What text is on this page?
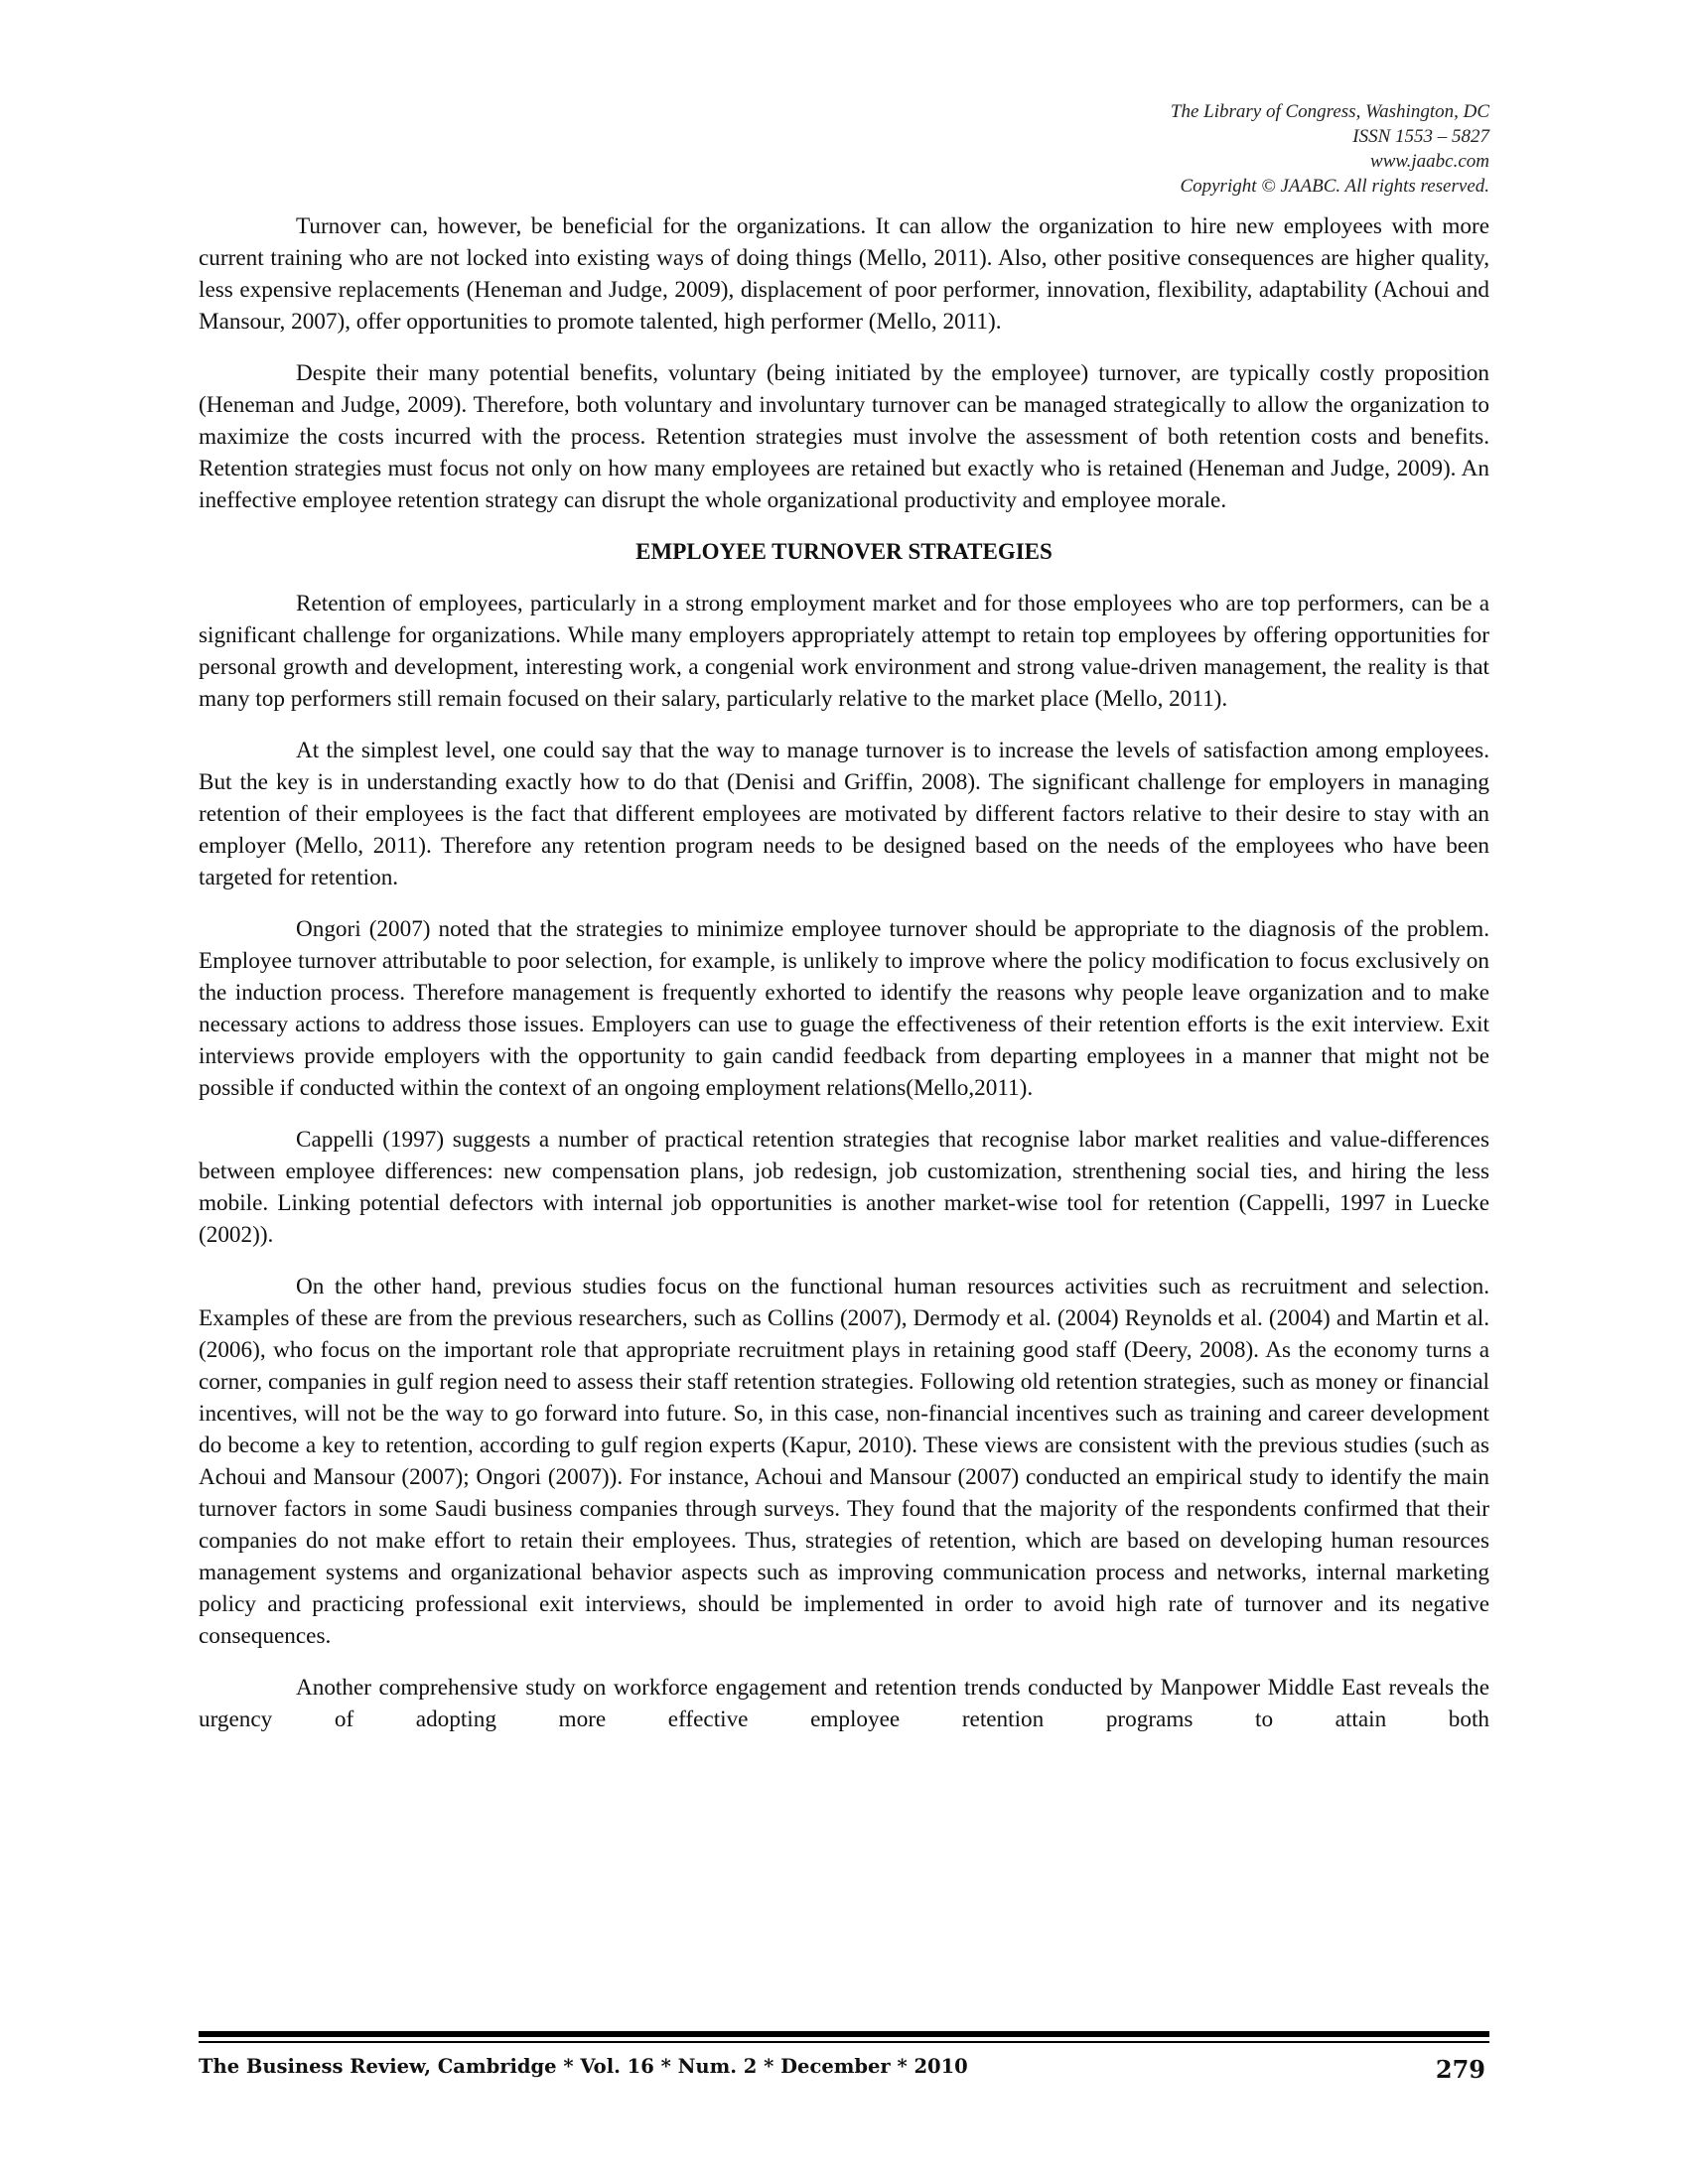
The Library of Congress, Washington, DC
ISSN 1553 – 5827
www.jaabc.com
Copyright © JAABC. All rights reserved.

Turnover can, however, be beneficial for the organizations. It can allow the organization to hire new employees with more current training who are not locked into existing ways of doing things (Mello, 2011). Also, other positive consequences are higher quality, less expensive replacements (Heneman and Judge, 2009), displacement of poor performer, innovation, flexibility, adaptability (Achoui and Mansour, 2007), offer opportunities to promote talented, high performer (Mello, 2011).

Despite their many potential benefits, voluntary (being initiated by the employee) turnover, are typically costly proposition (Heneman and Judge, 2009). Therefore, both voluntary and involuntary turnover can be managed strategically to allow the organization to maximize the costs incurred with the process. Retention strategies must involve the assessment of both retention costs and benefits. Retention strategies must focus not only on how many employees are retained but exactly who is retained (Heneman and Judge, 2009). An ineffective employee retention strategy can disrupt the whole organizational productivity and employee morale.

EMPLOYEE TURNOVER STRATEGIES

Retention of employees, particularly in a strong employment market and for those employees who are top performers, can be a significant challenge for organizations. While many employers appropriately attempt to retain top employees by offering opportunities for personal growth and development, interesting work, a congenial work environment and strong value-driven management, the reality is that many top performers still remain focused on their salary, particularly relative to the market place (Mello, 2011).

At the simplest level, one could say that the way to manage turnover is to increase the levels of satisfaction among employees. But the key is in understanding exactly how to do that (Denisi and Griffin, 2008). The significant challenge for employers in managing retention of their employees is the fact that different employees are motivated by different factors relative to their desire to stay with an employer (Mello, 2011). Therefore any retention program needs to be designed based on the needs of the employees who have been targeted for retention.

Ongori (2007) noted that the strategies to minimize employee turnover should be appropriate to the diagnosis of the problem. Employee turnover attributable to poor selection, for example, is unlikely to improve where the policy modification to focus exclusively on the induction process. Therefore management is frequently exhorted to identify the reasons why people leave organization and to make necessary actions to address those issues. Employers can use to guage the effectiveness of their retention efforts is the exit interview. Exit interviews provide employers with the opportunity to gain candid feedback from departing employees in a manner that might not be possible if conducted within the context of an ongoing employment relations(Mello,2011).

Cappelli (1997) suggests a number of practical retention strategies that recognise labor market realities and value-differences between employee differences: new compensation plans, job redesign, job customization, strenthening social ties, and hiring the less mobile. Linking potential defectors with internal job opportunities is another market-wise tool for retention (Cappelli, 1997 in Luecke (2002)).

On the other hand, previous studies focus on the functional human resources activities such as recruitment and selection. Examples of these are from the previous researchers, such as Collins (2007), Dermody et al. (2004) Reynolds et al. (2004) and Martin et al. (2006), who focus on the important role that appropriate recruitment plays in retaining good staff (Deery, 2008). As the economy turns a corner, companies in gulf region need to assess their staff retention strategies. Following old retention strategies, such as money or financial incentives, will not be the way to go forward into future. So, in this case, non-financial incentives such as training and career development do become a key to retention, according to gulf region experts (Kapur, 2010). These views are consistent with the previous studies (such as Achoui and Mansour (2007); Ongori (2007)). For instance, Achoui and Mansour (2007) conducted an empirical study to identify the main turnover factors in some Saudi business companies through surveys. They found that the majority of the respondents confirmed that their companies do not make effort to retain their employees. Thus, strategies of retention, which are based on developing human resources management systems and organizational behavior aspects such as improving communication process and networks, internal marketing policy and practicing professional exit interviews, should be implemented in order to avoid high rate of turnover and its negative consequences.

Another comprehensive study on workforce engagement and retention trends conducted by Manpower Middle East reveals the urgency of adopting more effective employee retention programs to attain both

The Business Review, Cambridge * Vol. 16 * Num. 2 * December * 2010	279
